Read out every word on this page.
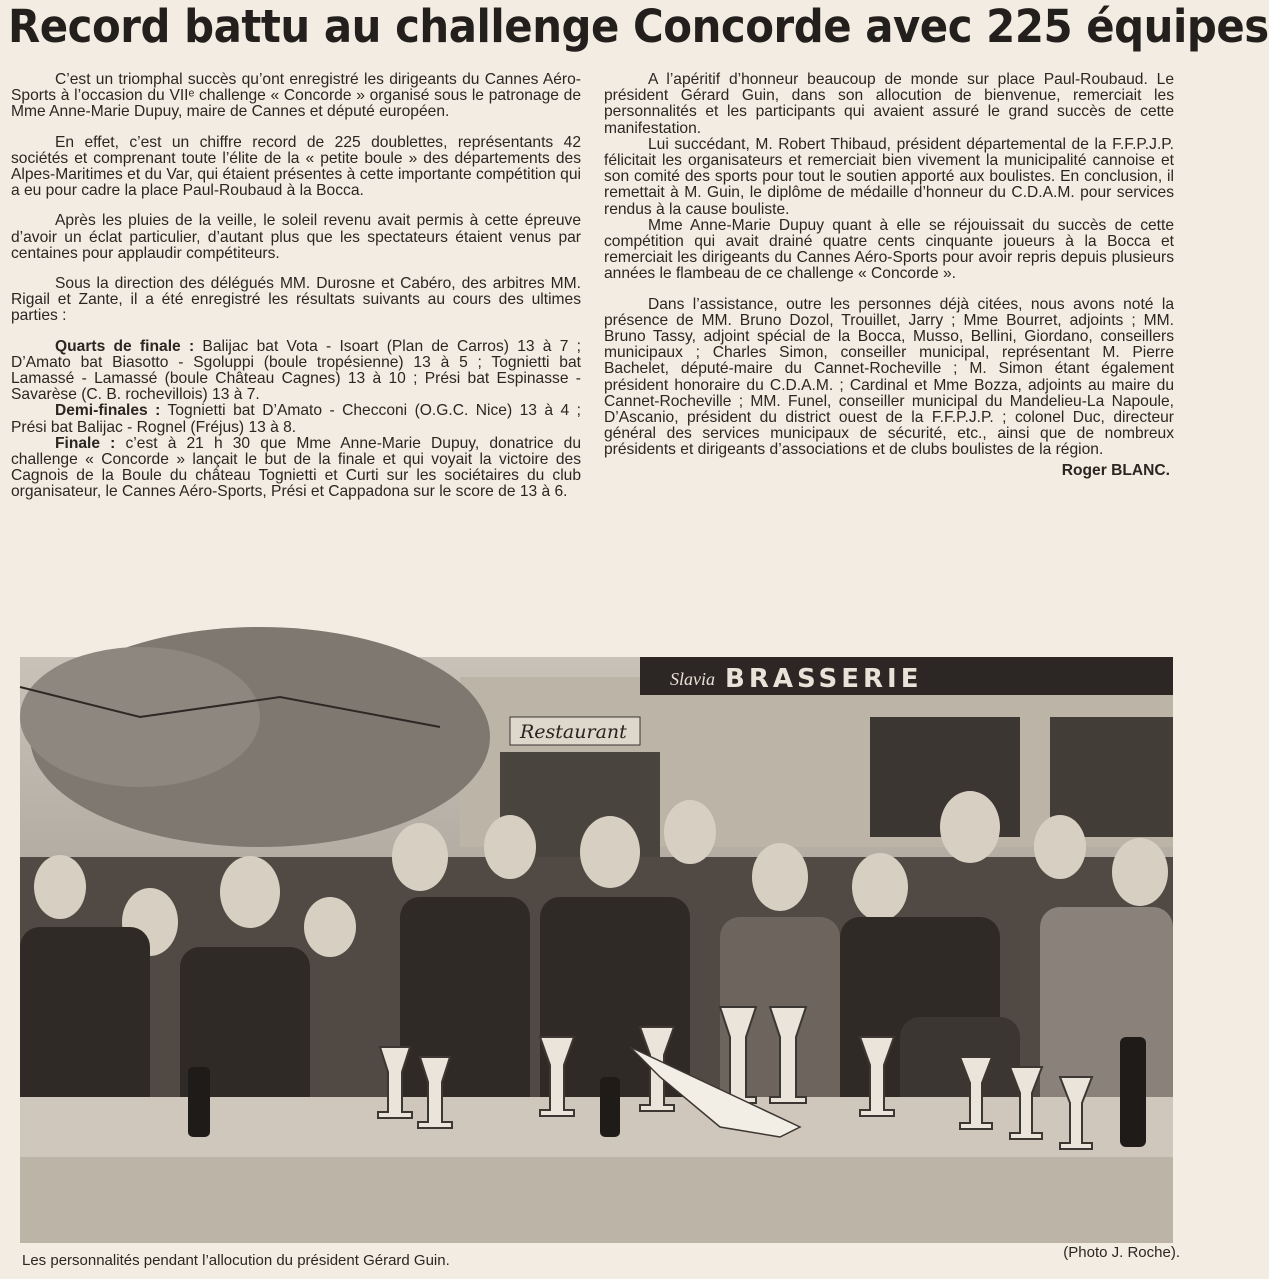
Record battu au challenge Concorde avec 225 équipes

C’est un triomphal succès qu’ont enregistré les dirigeants du Cannes Aéro-Sports à l’occasion du VIIᵉ challenge « Concorde » organisé sous le patronage de Mme Anne-Marie Dupuy, maire de Cannes et député européen.

En effet, c’est un chiffre record de 225 doublettes, représentants 42 sociétés et comprenant toute l’élite de la « petite boule » des départements des Alpes-Maritimes et du Var, qui étaient présentes à cette importante compétition qui a eu pour cadre la place Paul-Roubaud à la Bocca.

Après les pluies de la veille, le soleil revenu avait permis à cette épreuve d’avoir un éclat particulier, d’autant plus que les spectateurs étaient venus par centaines pour applaudir compétiteurs.

Sous la direction des délégués MM. Durosne et Cabéro, des arbitres MM. Rigail et Zante, il a été enregistré les résultats suivants au cours des ultimes parties :

Quarts de finale : Balijac bat Vota - Isoart (Plan de Carros) 13 à 7 ; D’Amato bat Biasotto - Sgoluppi (boule tropésienne) 13 à 5 ; Tognietti bat Lamassé - Lamassé (boule Château Cagnes) 13 à 10 ; Prési bat Espinasse - Savarèse (C. B. rochevillois) 13 à 7.

Demi-finales : Tognietti bat D’Amato - Checconi (O.G.C. Nice) 13 à 4 ; Prési bat Balijac - Rognel (Fréjus) 13 à 8.

Finale : c’est à 21 h 30 que Mme Anne-Marie Dupuy, donatrice du challenge « Concorde » lançait le but de la finale et qui voyait la victoire des Cagnois de la Boule du château Tognietti et Curti sur les sociétaires du club organisateur, le Cannes Aéro-Sports, Prési et Cappadona sur le score de 13 à 6.

A l’apéritif d’honneur beaucoup de monde sur place Paul-Roubaud. Le président Gérard Guin, dans son allocution de bienvenue, remerciait les personnalités et les participants qui avaient assuré le grand succès de cette manifestation.

Lui succédant, M. Robert Thibaud, président départemental de la F.F.P.J.P. félicitait les organisateurs et remerciait bien vivement la municipalité cannoise et son comité des sports pour tout le soutien apporté aux boulistes. En conclusion, il remettait à M. Guin, le diplôme de médaille d’honneur du C.D.A.M. pour services rendus à la cause bouliste.

Mme Anne-Marie Dupuy quant à elle se réjouissait du succès de cette compétition qui avait drainé quatre cents cinquante joueurs à la Bocca et remerciait les dirigeants du Cannes Aéro-Sports pour avoir repris depuis plusieurs années le flambeau de ce challenge « Concorde ».

Dans l’assistance, outre les personnes déjà citées, nous avons noté la présence de MM. Bruno Dozol, Trouillet, Jarry ; Mme Bourret, adjoints ; MM. Bruno Tassy, adjoint spécial de la Bocca, Musso, Bellini, Giordano, conseillers municipaux ; Charles Simon, conseiller municipal, représentant M. Pierre Bachelet, député-maire du Cannet-Rocheville ; M. Simon étant également président honoraire du C.D.A.M. ; Cardinal et Mme Bozza, adjoints au maire du Cannet-Rocheville ; MM. Funel, conseiller municipal du Mandelieu-La Napoule, D’Ascanio, président du district ouest de la F.F.P.J.P. ; colonel Duc, directeur général des services municipaux de sécurité, etc., ainsi que de nombreux présidents et dirigeants d’associations et de clubs boulistes de la région.

Roger BLANC.
Slavia BRASSERIE
Restaurant
Les personnalités pendant l’allocution du président Gérard Guin.	(Photo J. Roche).
